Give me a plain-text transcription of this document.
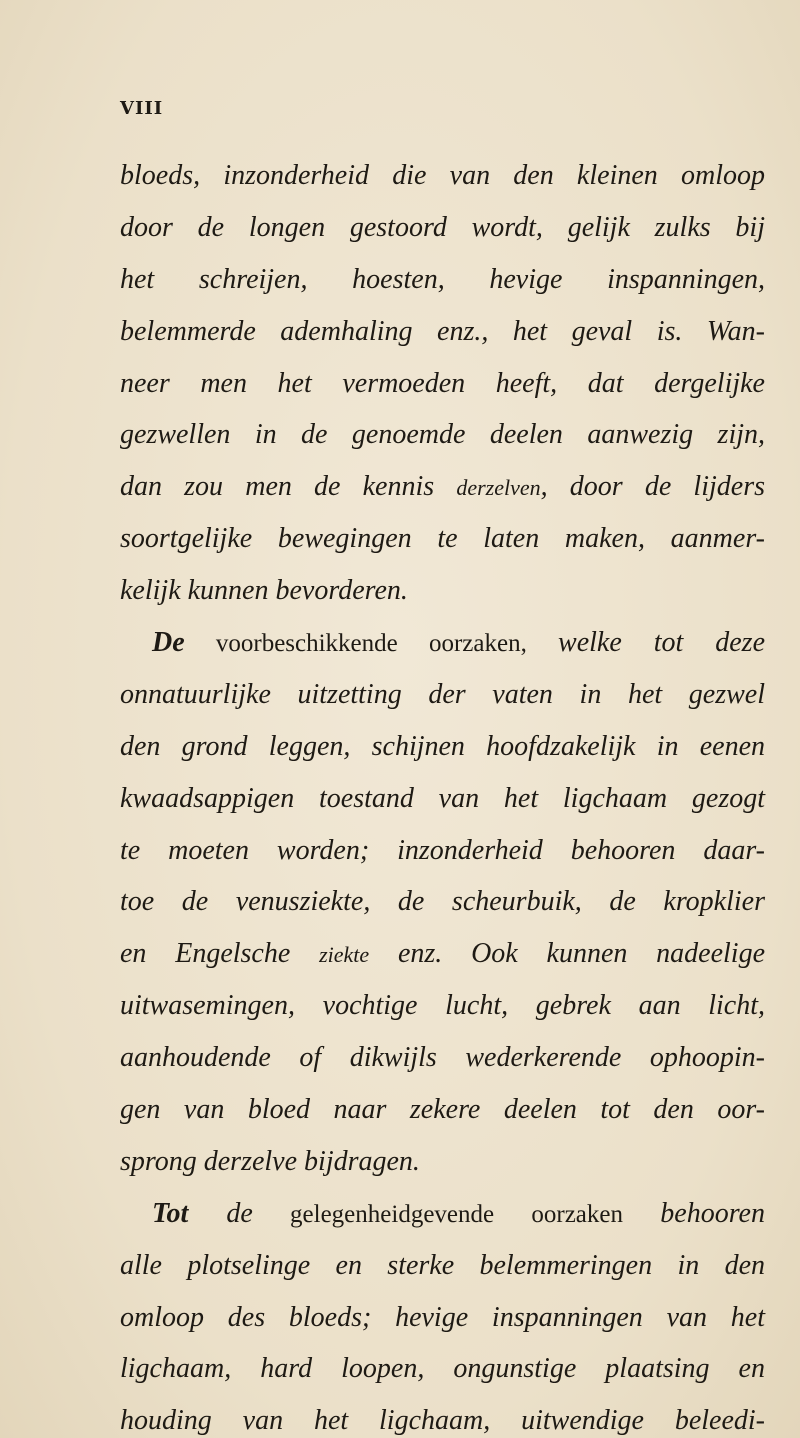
VIII
bloeds, inzonderheid die van den kleinen omloop
door de longen gestoord wordt, gelijk zulks bij
het schreijen, hoesten, hevige inspanningen,
belemmerde ademhaling enz., het geval is. Wan-
neer men het vermoeden heeft, dat dergelijke
gezwellen in de genoemde deelen aanwezig zijn,
dan zou men de kennis derzelven, door de lijders
soortgelijke bewegingen te laten maken, aanmer-
kelijk kunnen bevorderen.
De voorbeschikkende oorzaken, welke tot deze
onnatuurlijke uitzetting der vaten in het gezwel
den grond leggen, schijnen hoofdzakelijk in eenen
kwaadsappigen toestand van het ligchaam gezogt
te moeten worden; inzonderheid behooren daar-
toe de venusziekte, de scheurbuik, de kropklier
en Engelsche ziekte enz. Ook kunnen nadeelige
uitwasemingen, vochtige lucht, gebrek aan licht,
aanhoudende of dikwijls wederkerende ophoopin-
gen van bloed naar zekere deelen tot den oor-
sprong derzelve bijdragen.
Tot de gelegenheidgevende oorzaken behooren
alle plotselinge en sterke belemmeringen in den
omloop des bloeds; hevige inspanningen van het
ligchaam, hard loopen, ongunstige plaatsing en
houding van het ligchaam, uitwendige beleedi-
